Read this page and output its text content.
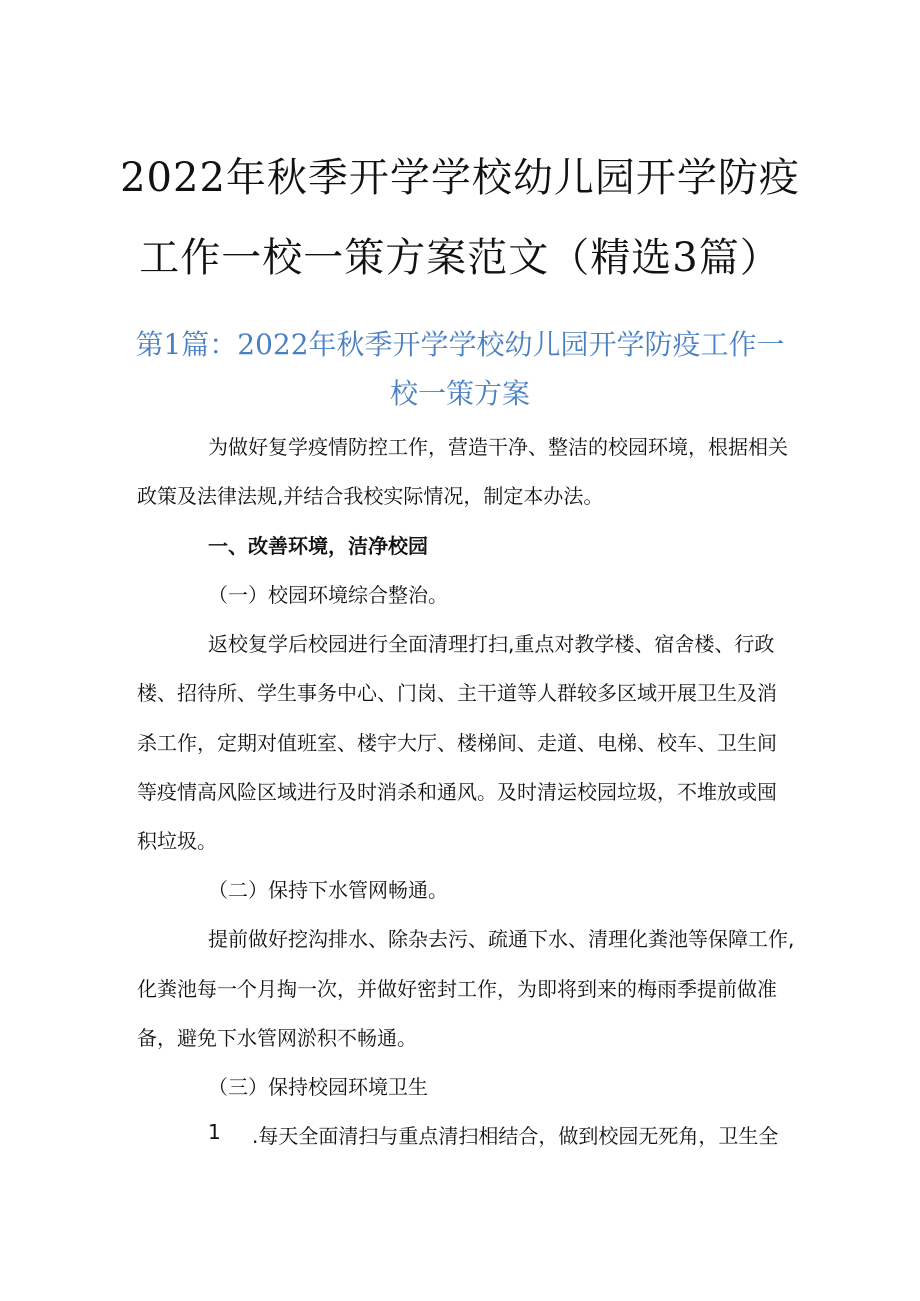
2022年秋季开学学校幼儿园开学防疫
工作一校一策方案范文（精选3篇）
第1篇：2022年秋季开学学校幼儿园开学防疫工作一
校一策方案
为做好复学疫情防控工作，营造干净、整洁的校园环境，根据相关
政策及法律法规,并结合我校实际情况，制定本办法。
一、改善环境，洁净校园
（一）校园环境综合整治。
返校复学后校园进行全面清理打扫,重点对教学楼、宿舍楼、行政
楼、招待所、学生事务中心、门岗、主干道等人群较多区域开展卫生及消
杀工作，定期对值班室、楼宇大厅、楼梯间、走道、电梯、校车、卫生间
等疫情高风险区域进行及时消杀和通风。及时清运校园垃圾，不堆放或囤
积垃圾。
（二）保持下水管网畅通。
提前做好挖沟排水、除杂去污、疏通下水、清理化粪池等保障工作,
化粪池每一个月掏一次，并做好密封工作，为即将到来的梅雨季提前做准
备，避免下水管网淤积不畅通。
（三）保持校园环境卫生
1 .每天全面清扫与重点清扫相结合，做到校园无死角，卫生全
